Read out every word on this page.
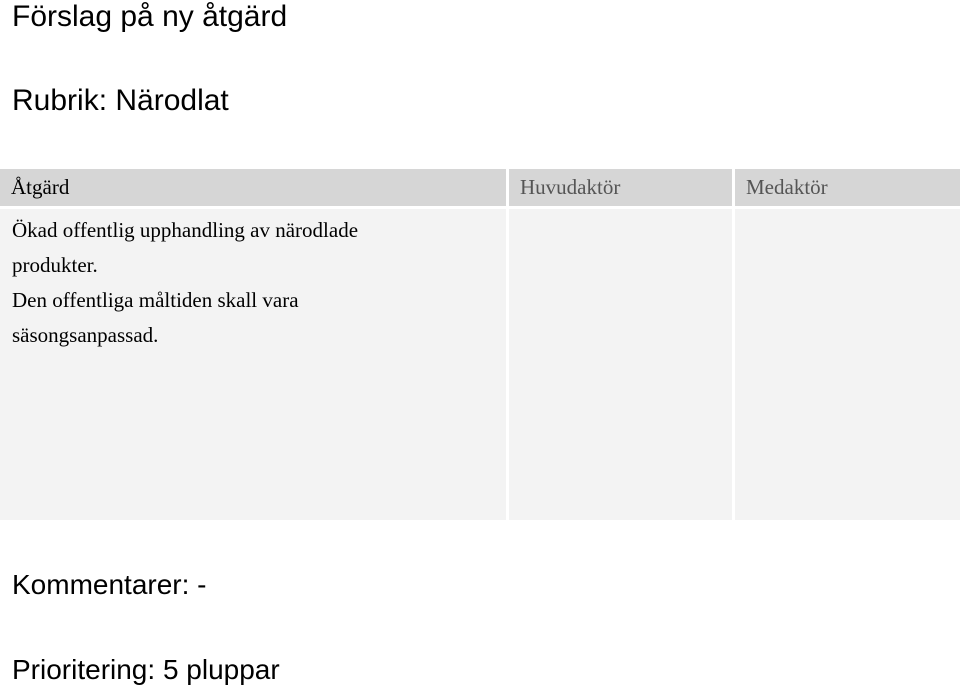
Förslag på ny åtgärd
Rubrik: Närodlat
Åtgärd	Huvudaktör	Medaktör

Ökad offentlig upphandling av närodlade produkter.

Den offentliga måltiden skall vara säsongsanpassad.

Kommentarer: -
Prioritering: 5 pluppar
